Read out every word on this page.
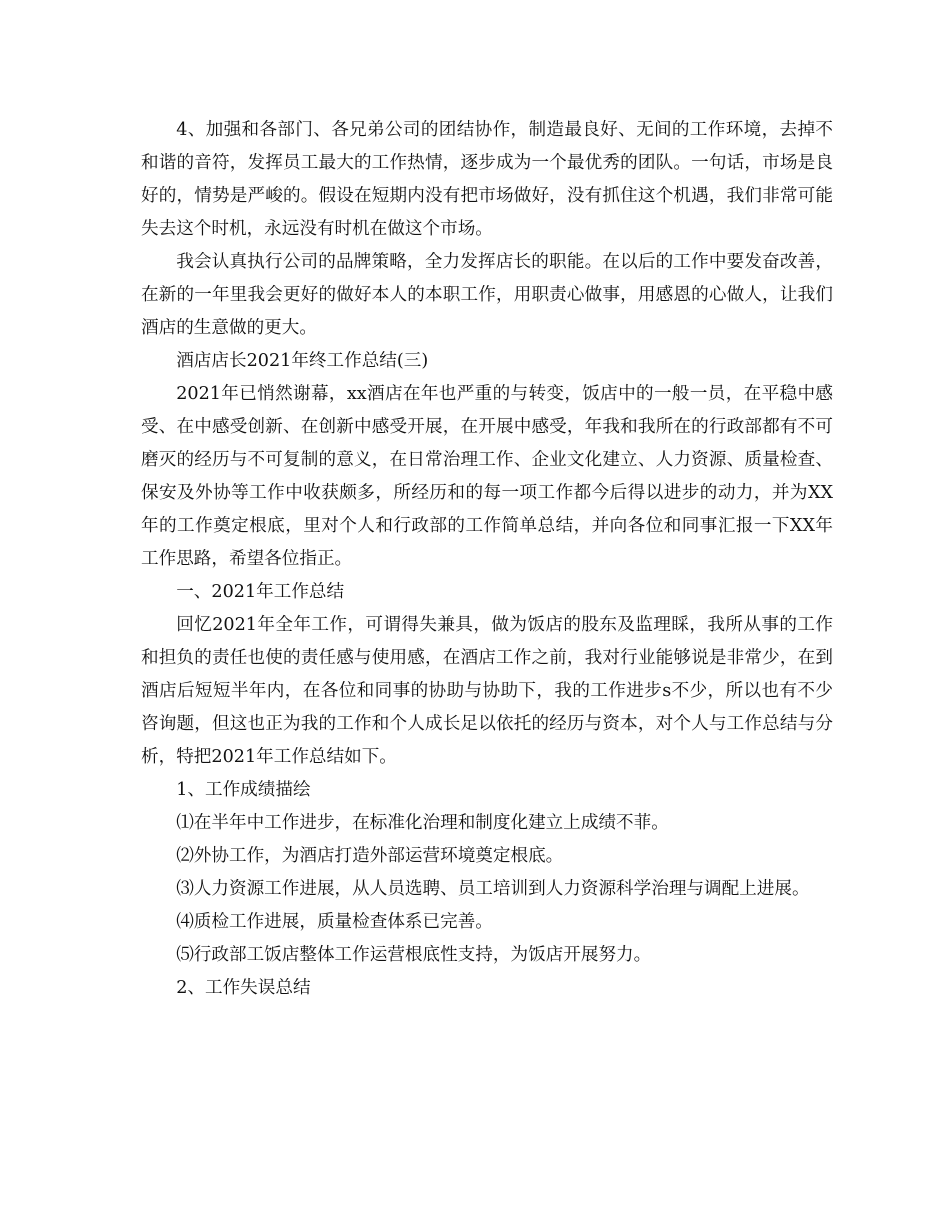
4、加强和各部门、各兄弟公司的团结协作，制造最良好、无间的工作环境，去掉不和谐的音符，发挥员工最大的工作热情，逐步成为一个最优秀的团队。一句话，市场是良好的，情势是严峻的。假设在短期内没有把市场做好，没有抓住这个机遇，我们非常可能失去这个时机，永远没有时机在做这个市场。

我会认真执行公司的品牌策略，全力发挥店长的职能。在以后的工作中要发奋改善，在新的一年里我会更好的做好本人的本职工作，用职责心做事，用感恩的心做人，让我们酒店的生意做的更大。

酒店店长2021年终工作总结(三)

2021年已悄然谢幕，xx酒店在年也严重的与转变，饭店中的一般一员，在平稳中感受、在中感受创新、在创新中感受开展，在开展中感受，年我和我所在的行政部都有不可磨灭的经历与不可复制的意义，在日常治理工作、企业文化建立、人力资源、质量检查、保安及外协等工作中收获颇多，所经历和的每一项工作都今后得以进步的动力，并为XX年的工作奠定根底，里对个人和行政部的工作简单总结，并向各位和同事汇报一下XX年工作思路，希望各位指正。

一、2021年工作总结

回忆2021年全年工作，可谓得失兼具，做为饭店的股东及监理睬，我所从事的工作和担负的责任也使的责任感与使用感，在酒店工作之前，我对行业能够说是非常少，在到酒店后短短半年内，在各位和同事的协助与协助下，我的工作进步s不少，所以也有不少咨询题，但这也正为我的工作和个人成长足以依托的经历与资本，对个人与工作总结与分析，特把2021年工作总结如下。

1、工作成绩描绘

⑴在半年中工作进步，在标准化治理和制度化建立上成绩不菲。

⑵外协工作，为酒店打造外部运营环境奠定根底。

⑶人力资源工作进展，从人员选聘、员工培训到人力资源科学治理与调配上进展。

⑷质检工作进展，质量检查体系已完善。

⑸行政部工饭店整体工作运营根底性支持，为饭店开展努力。

2、工作失误总结
